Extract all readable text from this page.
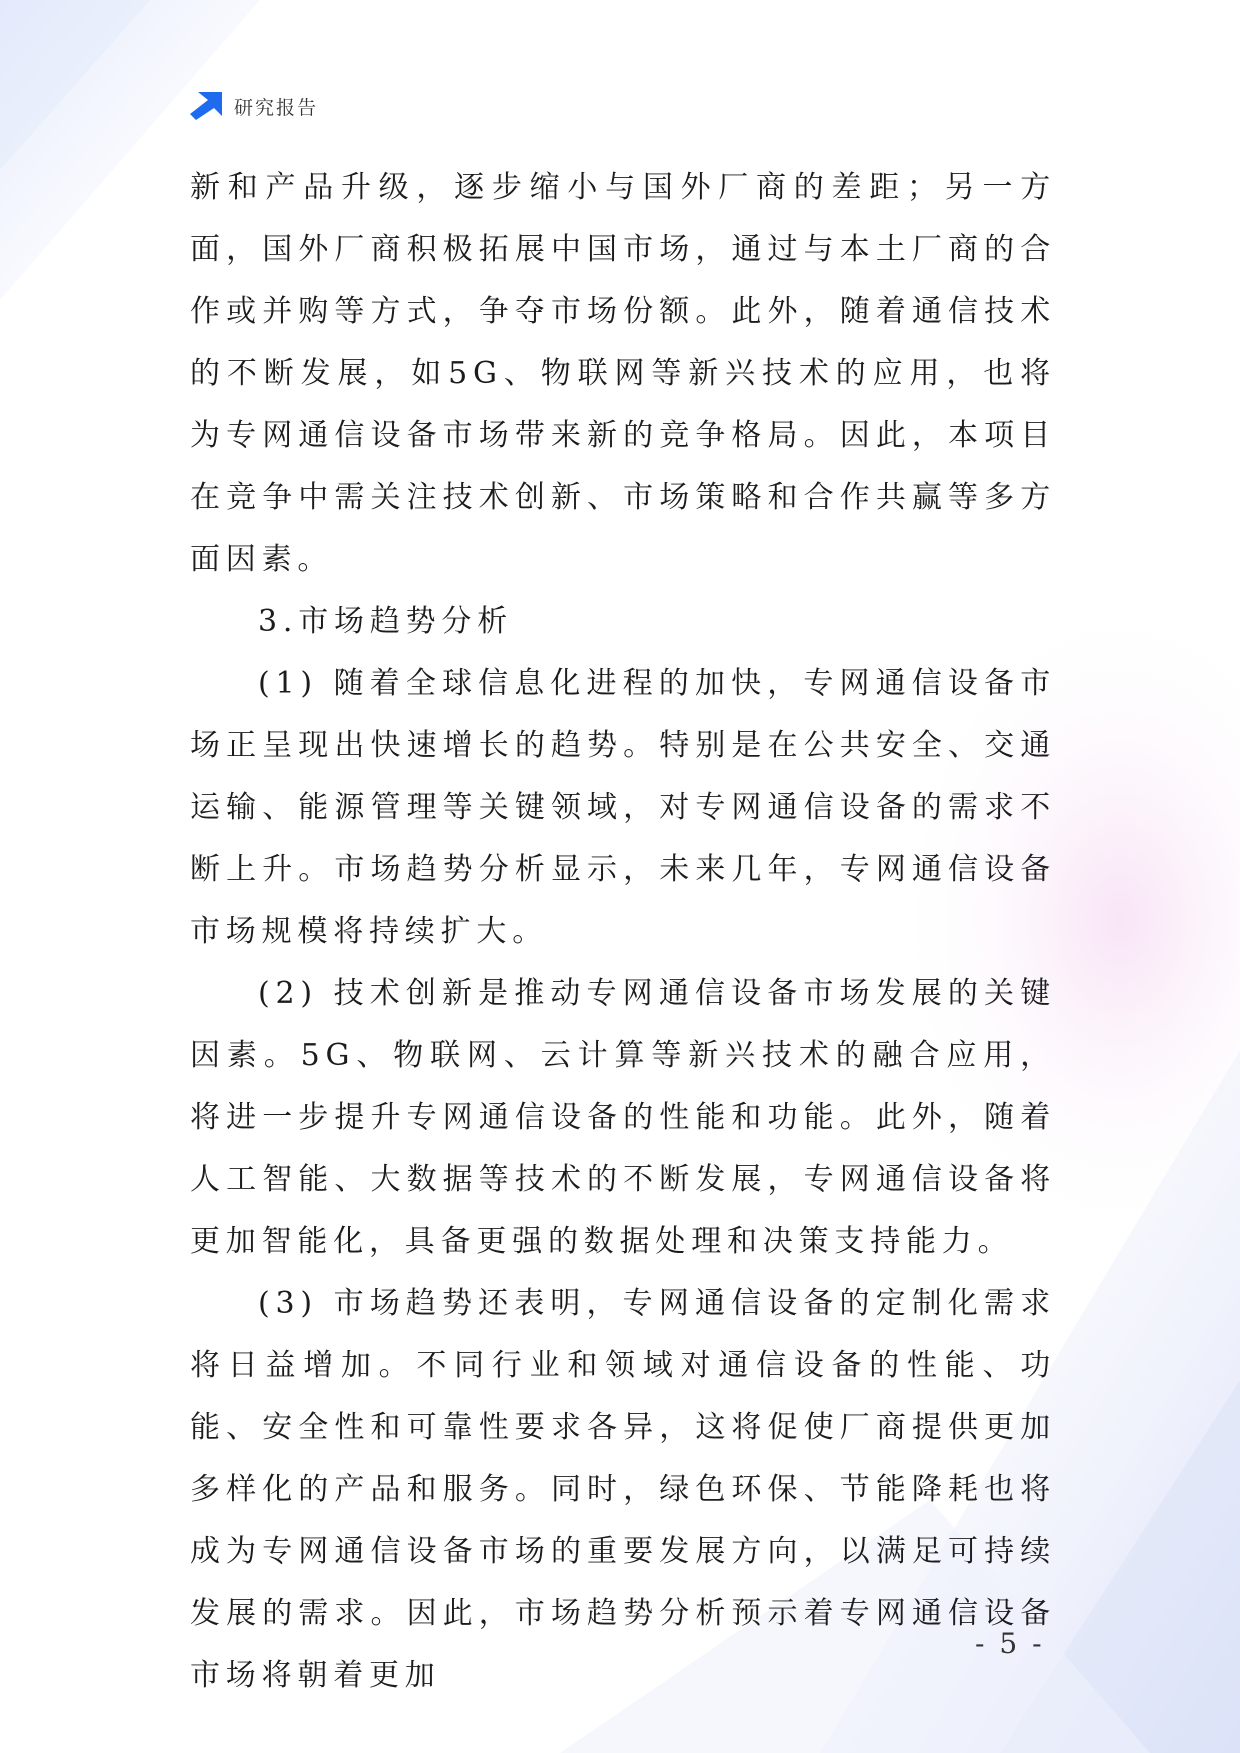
研究报告

新和产品升级，逐步缩小与国外厂商的差距；另一方面，国外厂商积极拓展中国市场，通过与本土厂商的合作或并购等方式，争夺市场份额。此外，随着通信技术的不断发展，如5G、物联网等新兴技术的应用，也将为专网通信设备市场带来新的竞争格局。因此，本项目在竞争中需关注技术创新、市场策略和合作共赢等多方面因素。

3.市场趋势分析

(1) 随着全球信息化进程的加快，专网通信设备市场正呈现出快速增长的趋势。特别是在公共安全、交通运输、能源管理等关键领域，对专网通信设备的需求不断上升。市场趋势分析显示，未来几年，专网通信设备市场规模将持续扩大。

(2) 技术创新是推动专网通信设备市场发展的关键因素。5G、物联网、云计算等新兴技术的融合应用，将进一步提升专网通信设备的性能和功能。此外，随着人工智能、大数据等技术的不断发展，专网通信设备将更加智能化，具备更强的数据处理和决策支持能力。

(3) 市场趋势还表明，专网通信设备的定制化需求将日益增加。不同行业和领域对通信设备的性能、功能、安全性和可靠性要求各异，这将促使厂商提供更加多样化的产品和服务。同时，绿色环保、节能降耗也将成为专网通信设备市场的重要发展方向，以满足可持续发展的需求。因此，市场趋势分析预示着专网通信设备市场将朝着更加

- 5 -
